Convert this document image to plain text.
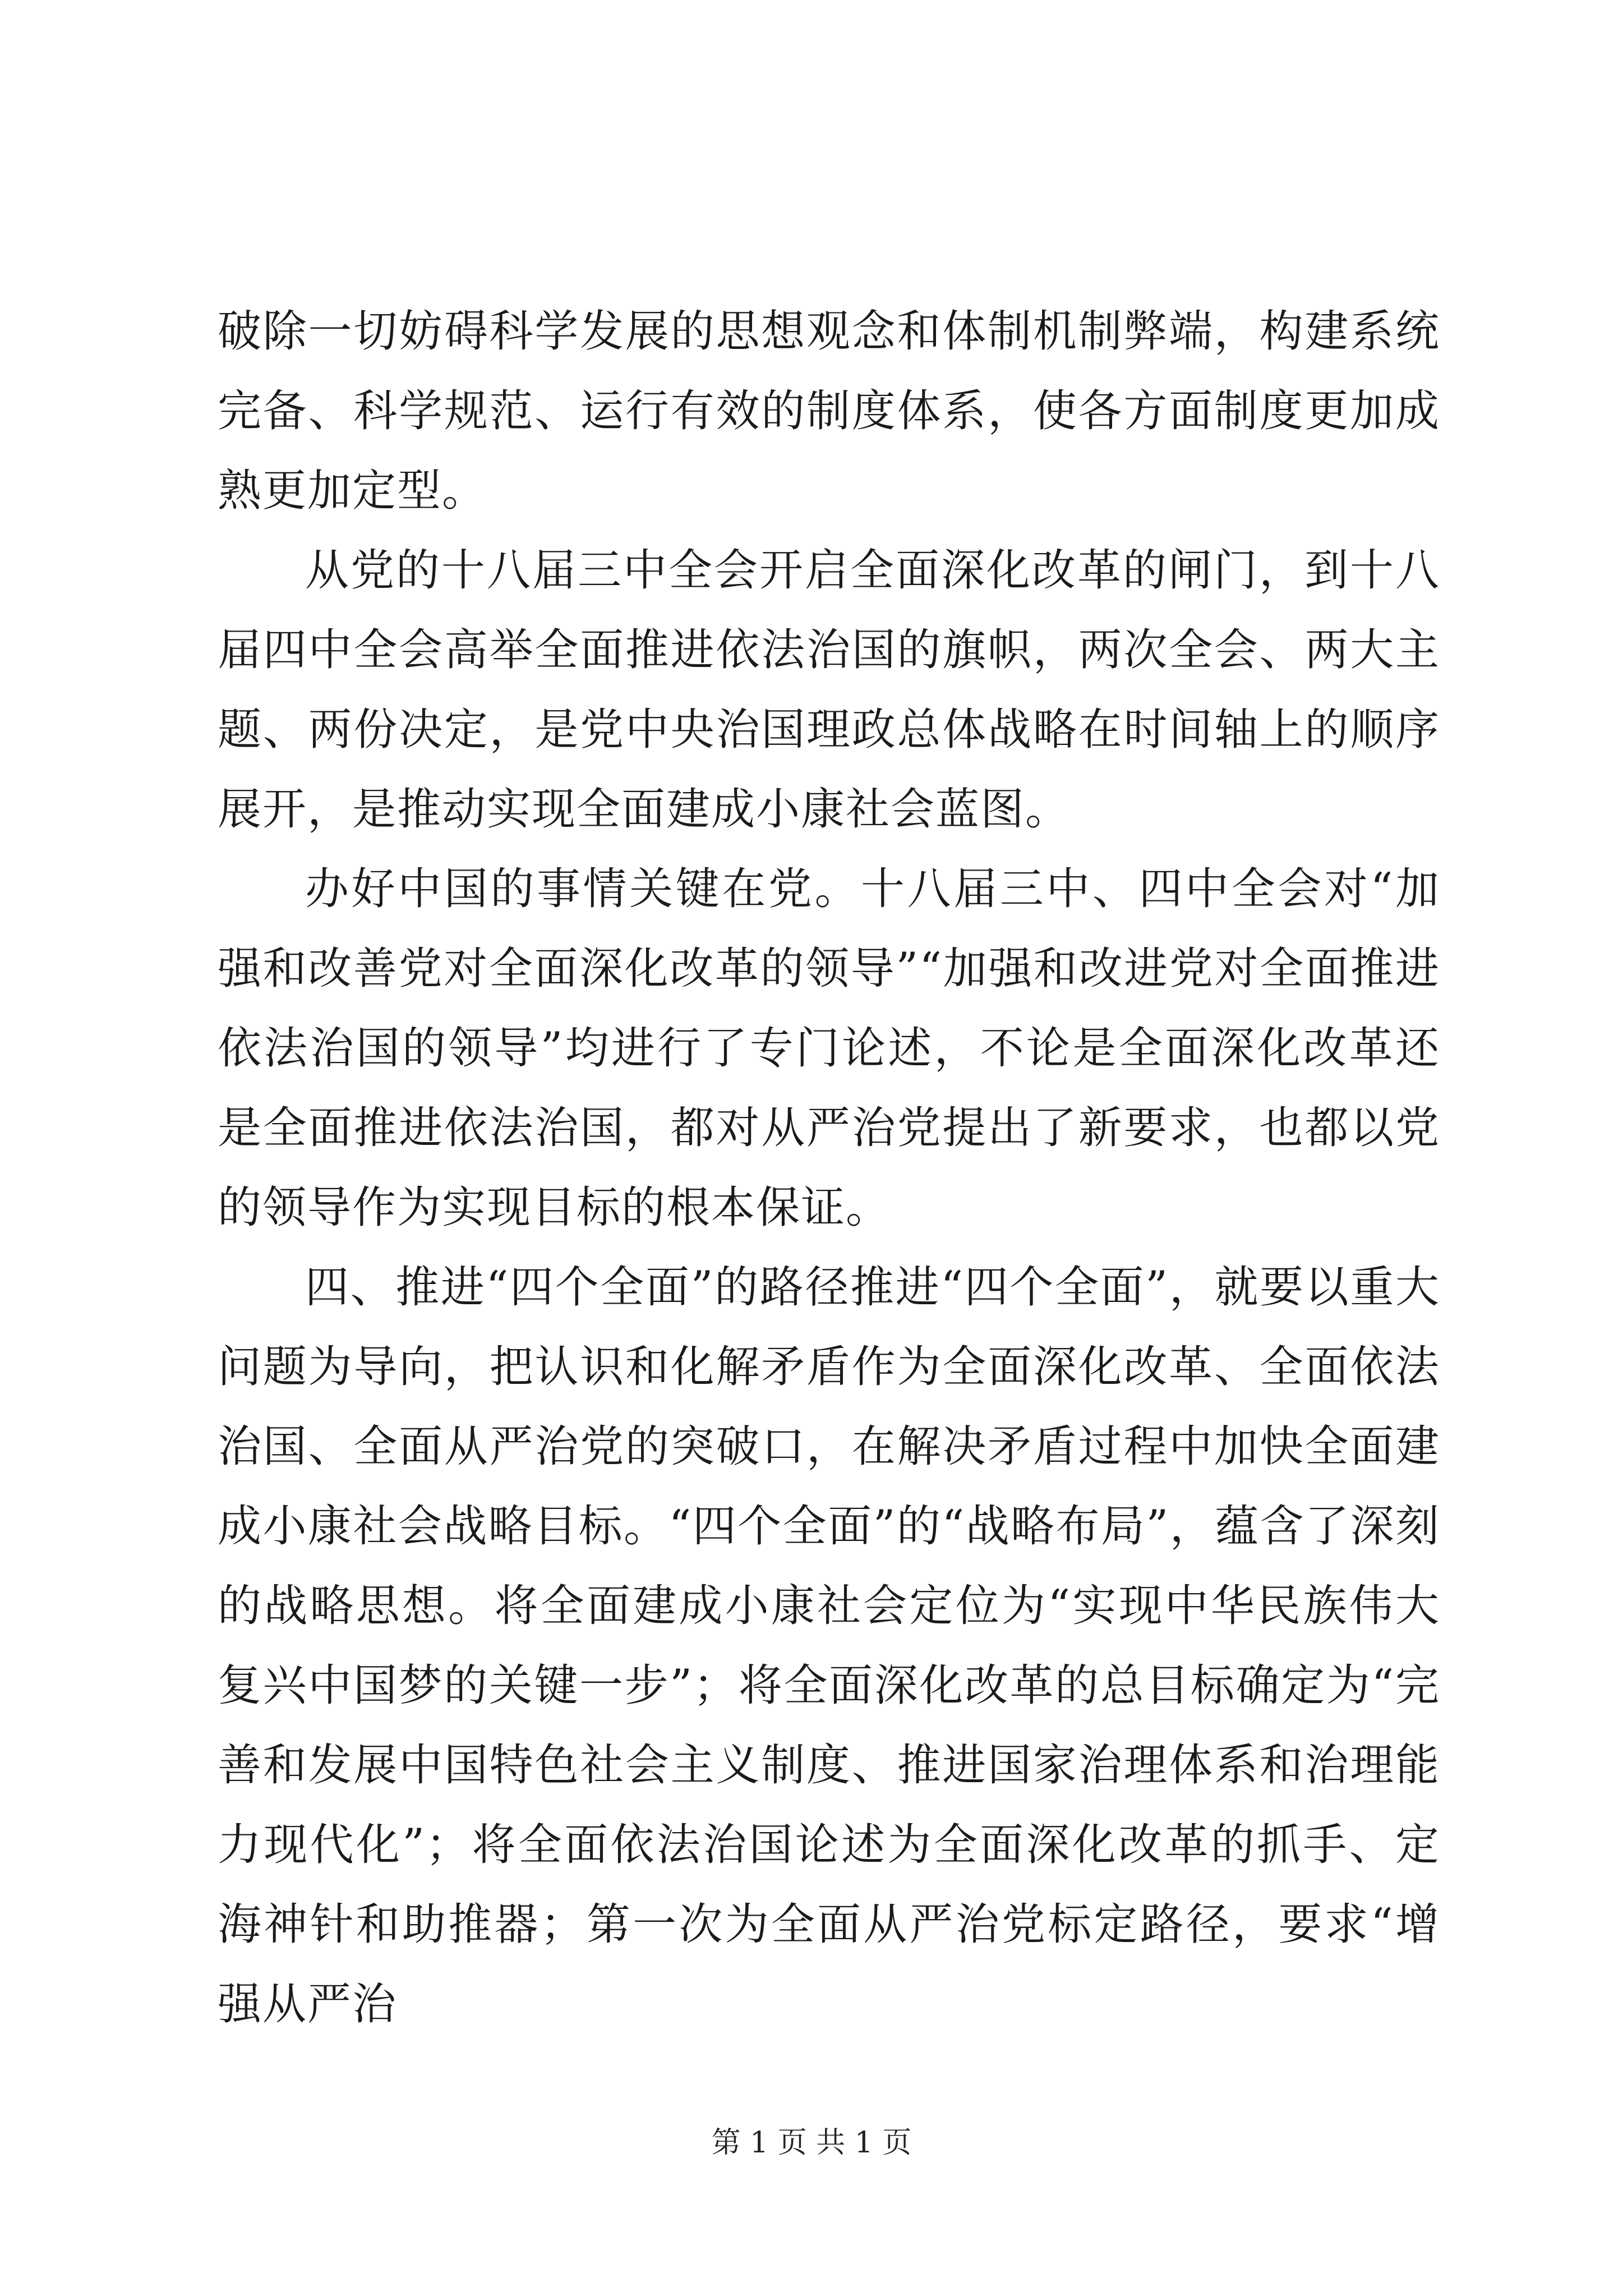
破除一切妨碍科学发展的思想观念和体制机制弊端，构建系统完备、科学规范、运行有效的制度体系，使各方面制度更加成熟更加定型。

从党的十八届三中全会开启全面深化改革的闸门，到十八届四中全会高举全面推进依法治国的旗帜，两次全会、两大主题、两份决定，是党中央治国理政总体战略在时间轴上的顺序展开，是推动实现全面建成小康社会蓝图。

办好中国的事情关键在党。十八届三中、四中全会对“加强和改善党对全面深化改革的领导”“加强和改进党对全面推进依法治国的领导”均进行了专门论述，不论是全面深化改革还是全面推进依法治国，都对从严治党提出了新要求，也都以党的领导作为实现目标的根本保证。

四、推进“四个全面”的路径推进“四个全面”，就要以重大问题为导向，把认识和化解矛盾作为全面深化改革、全面依法治国、全面从严治党的突破口，在解决矛盾过程中加快全面建成小康社会战略目标。“四个全面”的“战略布局”，蕴含了深刻的战略思想。将全面建成小康社会定位为“实现中华民族伟大复兴中国梦的关键一步”；将全面深化改革的总目标确定为“完善和发展中国特色社会主义制度、推进国家治理体系和治理能力现代化”；将全面依法治国论述为全面深化改革的抓手、定海神针和助推器；第一次为全面从严治党标定路径，要求“增强从严治

第 1 页 共 1 页
